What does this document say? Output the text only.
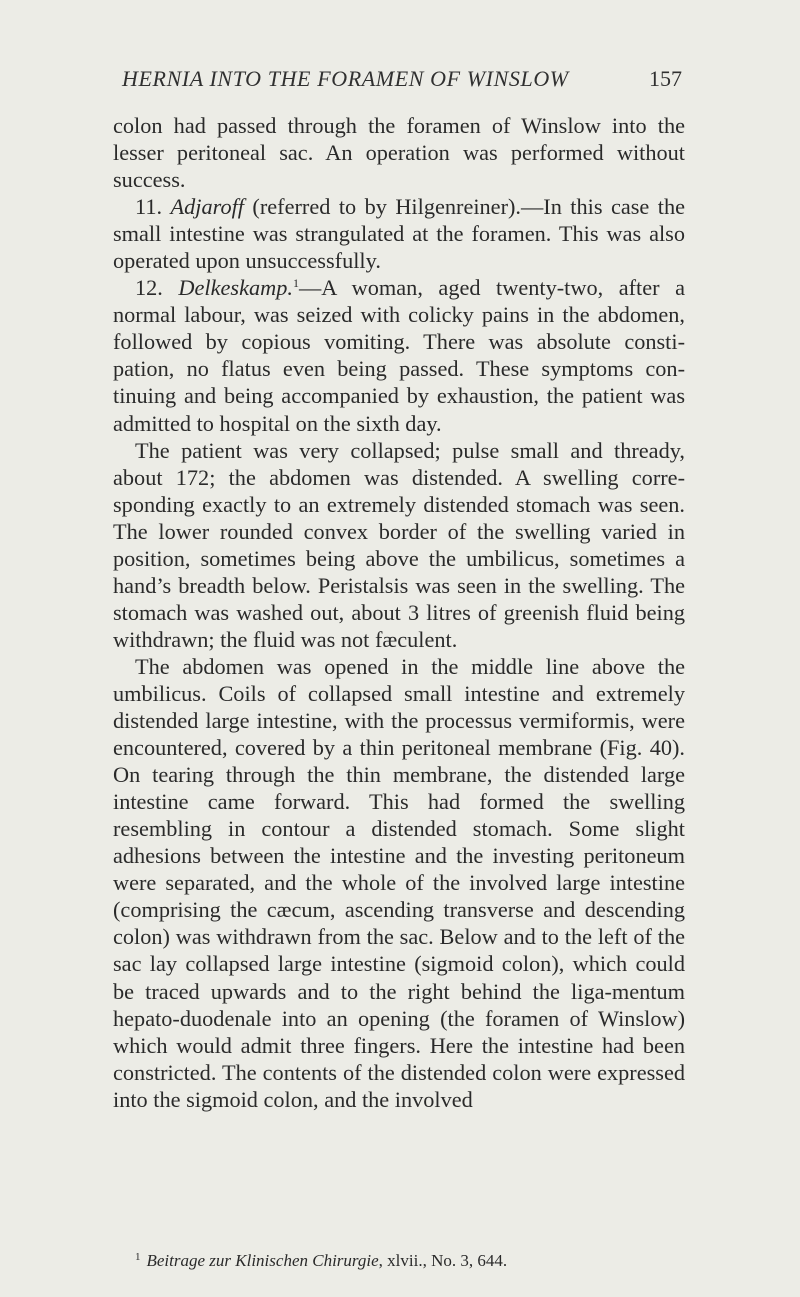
HERNIA INTO THE FORAMEN OF WINSLOW	157

colon had passed through the foramen of Winslow into the lesser peritoneal sac. An operation was performed without success.

11. Adjaroff (referred to by Hilgenreiner).—In this case the small intestine was strangulated at the foramen. This was also operated upon unsuccessfully.

12. Delkeskamp.$^1$—A woman, aged twenty-two, after a normal labour, was seized with colicky pains in the abdomen, followed by copious vomiting. There was absolute consti-pation, no flatus even being passed. These symptoms con-tinuing and being accompanied by exhaustion, the patient was admitted to hospital on the sixth day.

The patient was very collapsed; pulse small and thready, about 172; the abdomen was distended. A swelling corre-sponding exactly to an extremely distended stomach was seen. The lower rounded convex border of the swelling varied in position, sometimes being above the umbilicus, sometimes a hand’s breadth below. Peristalsis was seen in the swelling. The stomach was washed out, about 3 litres of greenish fluid being withdrawn; the fluid was not fæculent.

The abdomen was opened in the middle line above the umbilicus. Coils of collapsed small intestine and extremely distended large intestine, with the processus vermiformis, were encountered, covered by a thin peritoneal membrane (Fig. 40). On tearing through the thin membrane, the distended large intestine came forward. This had formed the swelling resembling in contour a distended stomach. Some slight adhesions between the intestine and the investing peritoneum were separated, and the whole of the involved large intestine (comprising the cæcum, ascending transverse and descending colon) was withdrawn from the sac. Below and to the left of the sac lay collapsed large intestine (sigmoid colon), which could be traced upwards and to the right behind the liga-mentum hepato-duodenale into an opening (the foramen of Winslow) which would admit three fingers. Here the intestine had been constricted. The contents of the distended colon were expressed into the sigmoid colon, and the involved

$^1$ Beitrage zur Klinischen Chirurgie, xlvii., No. 3, 644.
